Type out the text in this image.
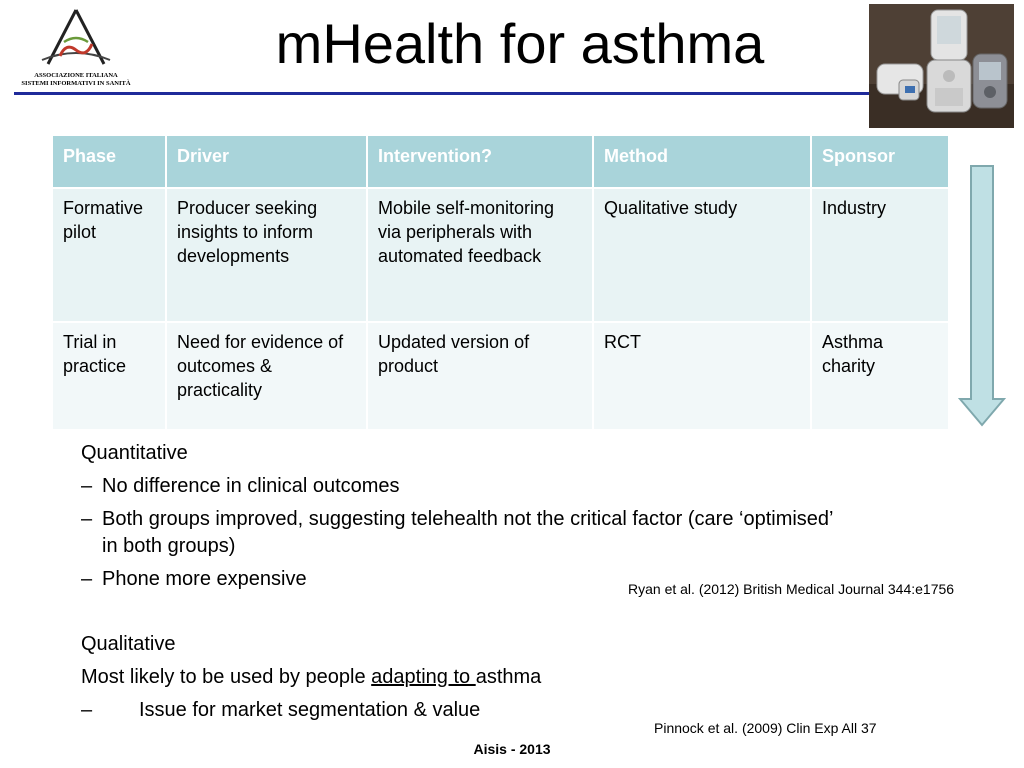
ASSOCIAZIONE ITALIANA
SISTEMI INFORMATIVI IN SANITÀ
mHealth for asthma
Phase	Driver	Intervention?	Method	Sponsor
Formative pilot	Producer seeking insights to inform developments	Mobile self-monitoring via peripherals with automated feedback	Qualitative study	Industry
Trial in practice	Need for evidence of outcomes & practicality	Updated version of product	RCT	Asthma charity
Quantitative
– No difference in clinical outcomes
– Both groups improved, suggesting telehealth not the critical factor (care ‘optimised’
in both groups)
– Phone more expensive
Qualitative
Most likely to be used by people adapting to asthma
– Issue for market segmentation & value
Ryan et al. (2012) British Medical Journal 344:e1756
Pinnock et al. (2009) Clin Exp All 37
Aisis - 2013
